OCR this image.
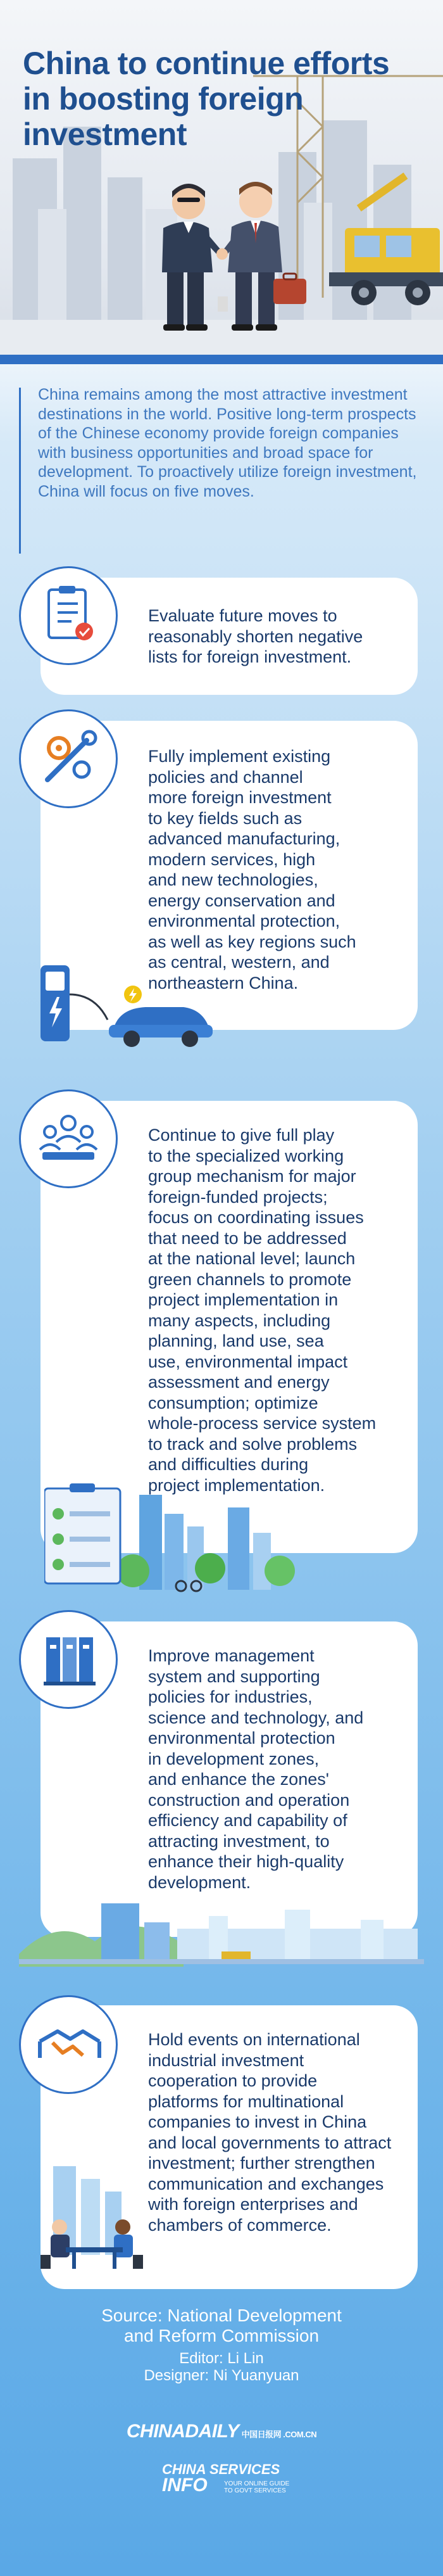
China to continue efforts
in boosting foreign
investment

China remains among the most attractive investment destinations in the world. Positive long-term prospects of the Chinese economy provide foreign companies with business opportunities and broad space for development. To proactively utilize foreign investment, China will focus on five moves.

Evaluate future moves to
reasonably shorten negative
lists for foreign investment.
Fully implement existing
policies and channel
more foreign investment
to key fields such as
advanced manufacturing,
modern services, high
and new technologies,
energy conservation and
environmental protection,
as well as key regions such
as central, western, and
northeastern China.
Continue to give full play
to the specialized working
group mechanism for major
foreign-funded projects;
focus on coordinating issues
that need to be addressed
at the national level; launch
green channels to promote
project implementation in
many aspects, including
planning, land use, sea
use, environmental impact
assessment and energy
consumption; optimize
whole-process service system
to track and solve problems
and difficulties during
project implementation.
Improve management
system and supporting
policies for industries,
science and technology, and
environmental protection
in development zones,
and enhance the zones'
construction and operation
efficiency and capability of
attracting investment, to
enhance their high-quality
development.
Hold events on international
industrial investment
cooperation to provide
platforms for multinational
companies to invest in China
and local governments to attract
investment; further strengthen
communication and exchanges
with foreign enterprises and
chambers of commerce.
Source: National Development
and Reform Commission
Editor: Li Lin
Designer: Ni Yuanyuan
CHINADAILY 中国日报网 .COM.CN
CHINA SERVICES
INFO	YOUR ONLINE GUIDE TO GOVT SERVICES
